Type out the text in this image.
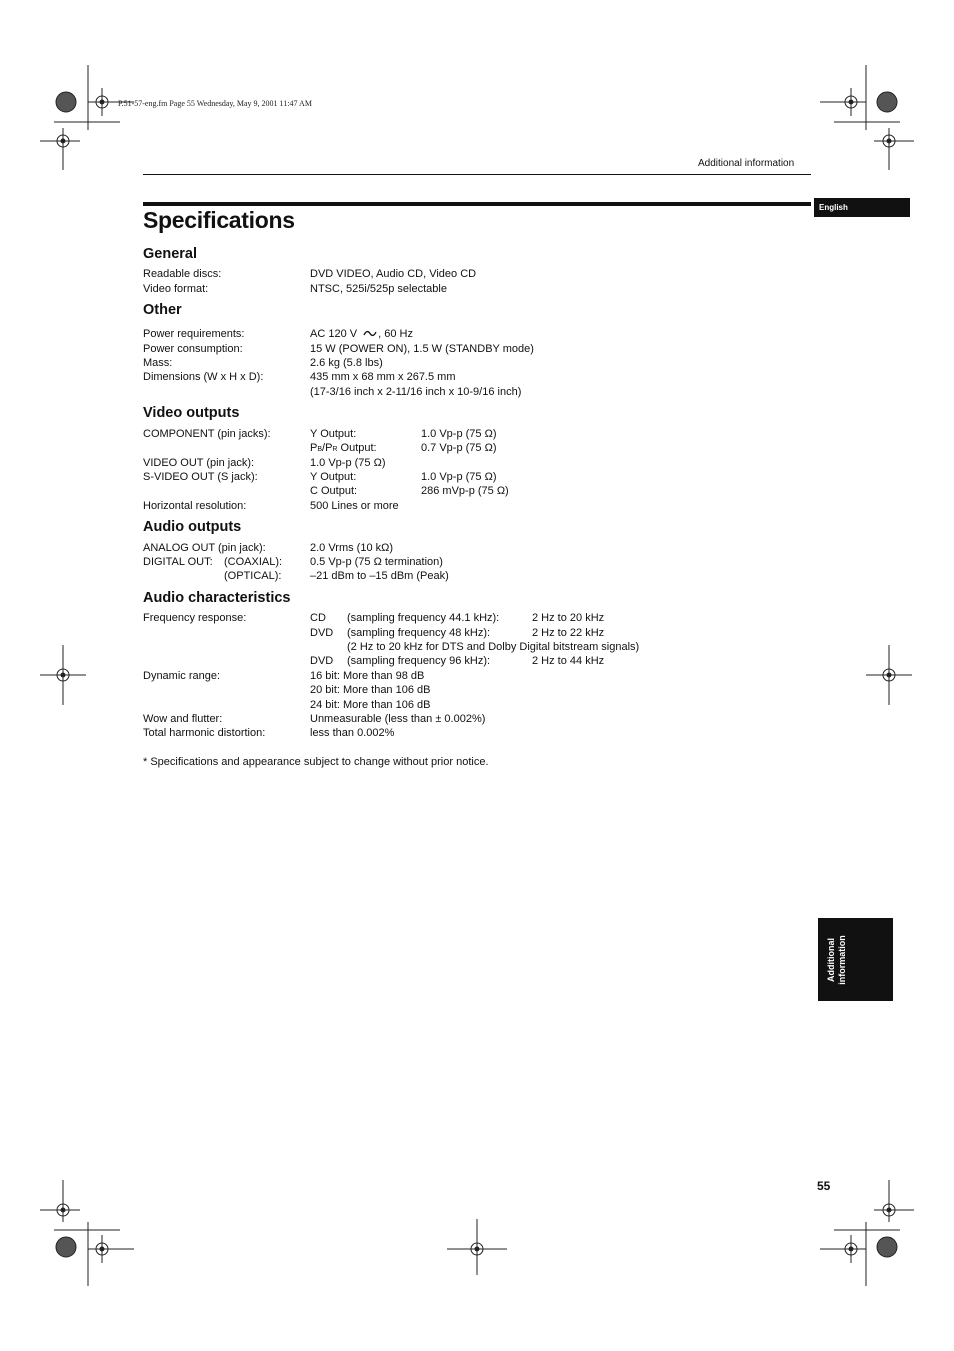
P.51-57-eng.fm Page 55 Wednesday, May 9, 2001 11:47 AM
Additional information
English
Specifications
General
Readable discs:	DVD VIDEO, Audio CD, Video CD
Video format:	NTSC, 525i/525p selectable
Other
Power requirements:	AC 120 V , 60 Hz
Power consumption:	15 W (POWER ON), 1.5 W (STANDBY mode)
Mass:	2.6 kg (5.8 lbs)
Dimensions (W x H x D):	435 mm x 68 mm x 267.5 mm
(17-3/16 inch x 2-11/16 inch x 10-9/16 inch)
Video outputs
COMPONENT (pin jacks):	Y Output:	1.0 Vp-p (75 Ω)
PB/PR Output:	0.7 Vp-p (75 Ω)
VIDEO OUT (pin jack):	1.0 Vp-p (75 Ω)
S-VIDEO OUT (S jack):	Y Output:	1.0 Vp-p (75 Ω)
C Output:	286 mVp-p (75 Ω)
Horizontal resolution:	500 Lines or more
Audio outputs
ANALOG OUT (pin jack):	2.0 Vrms (10 kΩ)
DIGITAL OUT: (COAXIAL):	0.5 Vp-p (75 Ω termination)
(OPTICAL):	–21 dBm to –15 dBm (Peak)
Audio characteristics
Frequency response:	CD (sampling frequency 44.1 kHz):	2 Hz to 20 kHz
DVD (sampling frequency 48 kHz):	2 Hz to 22 kHz
(2 Hz to 20 kHz for DTS and Dolby Digital bitstream signals)
DVD (sampling frequency 96 kHz):	2 Hz to 44 kHz
Dynamic range:	16 bit: More than 98 dB
20 bit: More than 106 dB
24 bit: More than 106 dB
Wow and flutter:	Unmeasurable (less than ± 0.002%)
Total harmonic distortion:	less than 0.002%
* Specifications and appearance subject to change without prior notice.
Additional information
55
